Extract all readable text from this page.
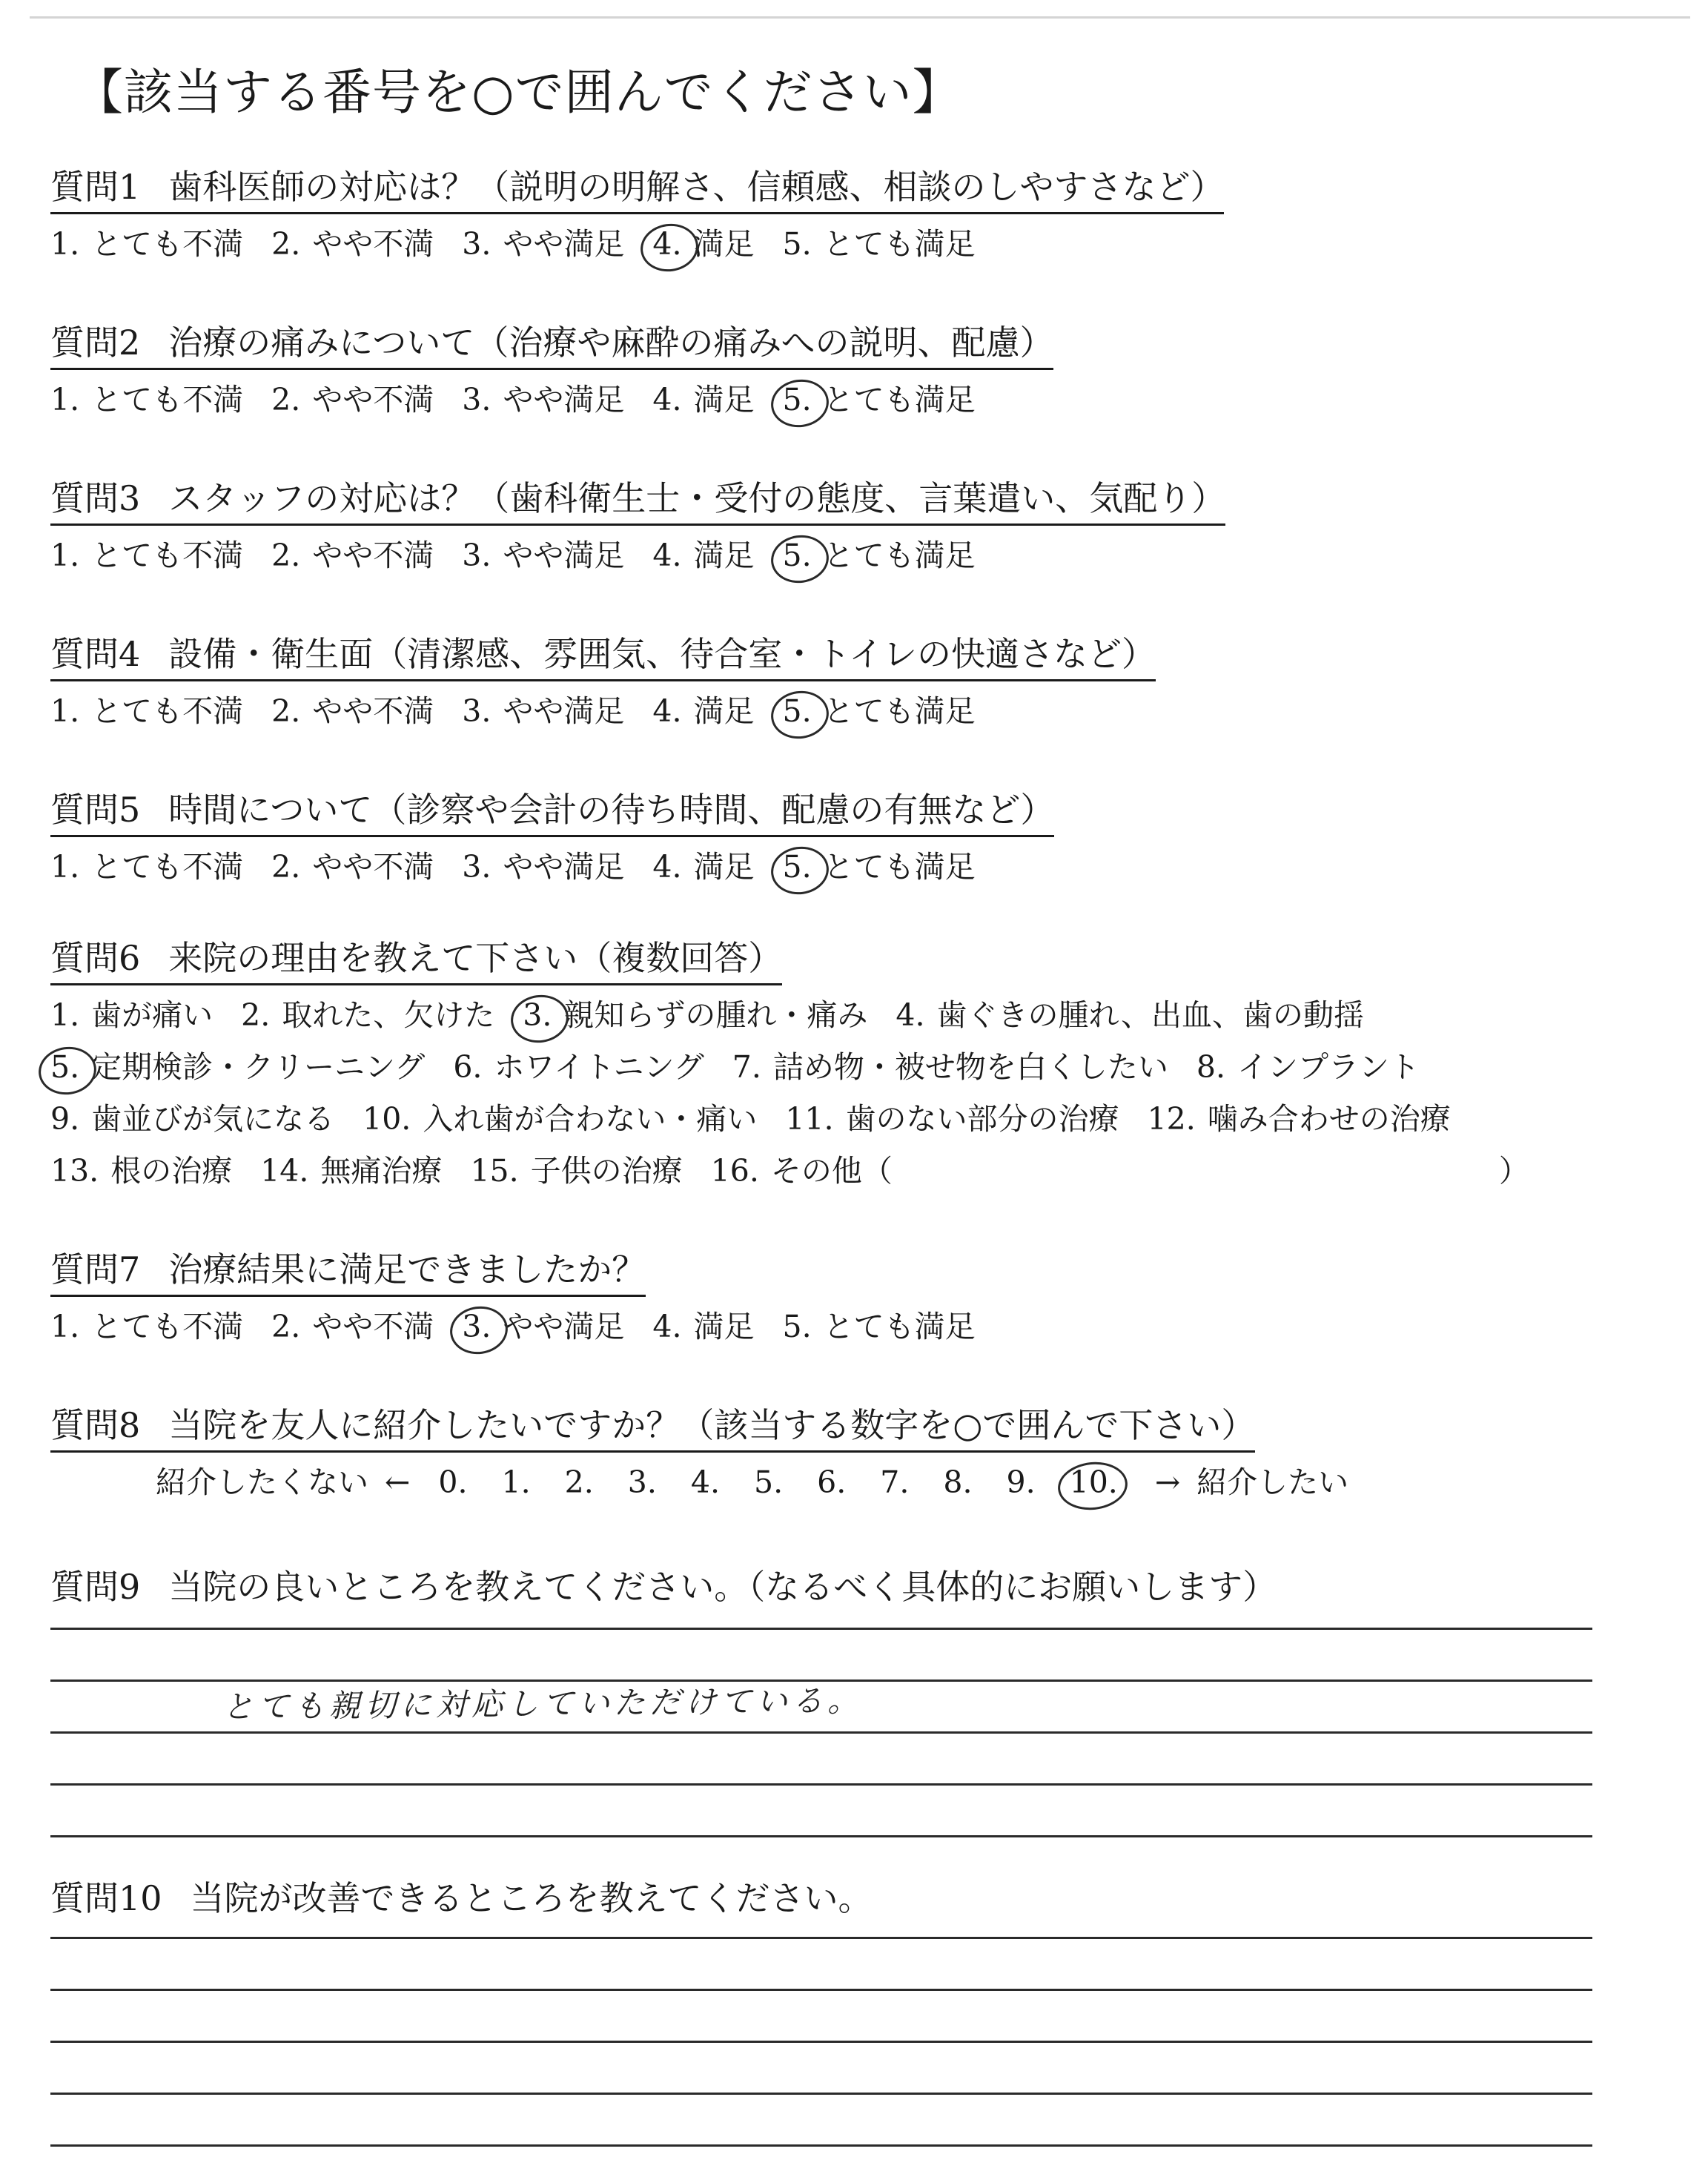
【該当する番号を○で囲んでください】
質問1 歯科医師の対応は？（説明の明解さ、信頼感、相談のしやすさなど）
1. とても不満 2. やや不満 3. やや満足 4. 満足 5. とても満足
質問2 治療の痛みについて（治療や麻酔の痛みへの説明、配慮）
1. とても不満 2. やや不満 3. やや満足 4. 満足 5. とても満足
質問3 スタッフの対応は？（歯科衛生士・受付の態度、言葉遣い、気配り）
1. とても不満 2. やや不満 3. やや満足 4. 満足 5. とても満足
質問4 設備・衛生面（清潔感、雰囲気、待合室・トイレの快適さなど）
1. とても不満 2. やや不満 3. やや満足 4. 満足 5. とても満足
質問5 時間について（診察や会計の待ち時間、配慮の有無など）
1. とても不満 2. やや不満 3. やや満足 4. 満足 5. とても満足
質問6 来院の理由を教えて下さい（複数回答）
1. 歯が痛い 2. 取れた、欠けた 3. 親知らずの腫れ・痛み 4. 歯ぐきの腫れ、出血、歯の動揺
5. 定期検診・クリーニング 6. ホワイトニング 7. 詰め物・被せ物を白くしたい 8. インプラント
9. 歯並びが気になる 10. 入れ歯が合わない・痛い 11. 歯のない部分の治療 12. 噛み合わせの治療
13. 根の治療 14. 無痛治療 15. 子供の治療 16. その他（	）
質問7 治療結果に満足できましたか？
1. とても不満 2. やや不満 3. やや満足 4. 満足 5. とても満足
質問8 当院を友人に紹介したいですか？（該当する数字を○で囲んで下さい）
紹介したくない ← 0. 1. 2. 3. 4. 5. 6. 7. 8. 9. 10. → 紹介したい
質問9 当院の良いところを教えてください。（なるべく具体的にお願いします）
とても親切に対応していただけている。
質問10 当院が改善できるところを教えてください。
